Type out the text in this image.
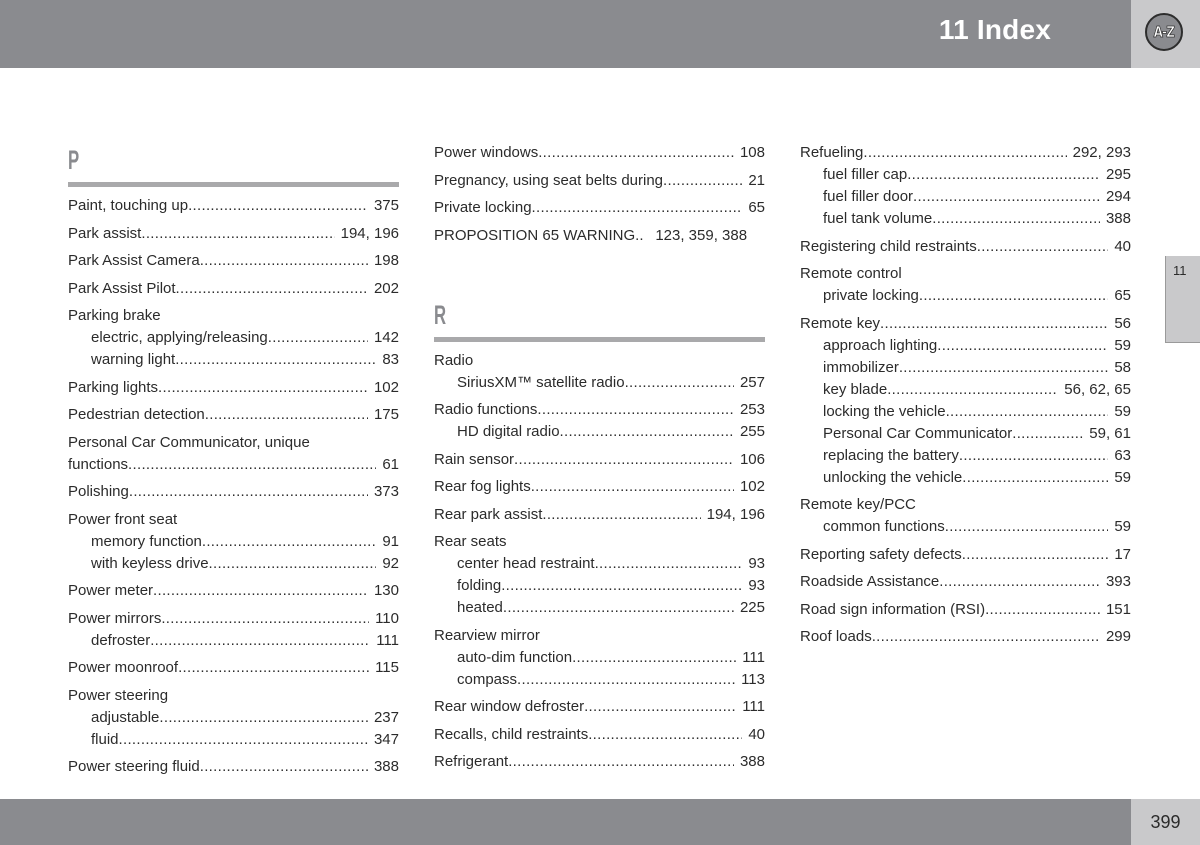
11 Index	A-Z
11
P
Paint, touching up .....	375
Park assist .....	194, 196
Park Assist Camera .....	198
Park Assist Pilot .....	202
Parking brake
electric, applying/releasing .....	142
warning light .....	83
Parking lights .....	102
Pedestrian detection .....	175
Personal Car Communicator, unique
functions .....	61
Polishing .....	373
Power front seat
memory function .....	91
with keyless drive .....	92
Power meter .....	130
Power mirrors .....	110
defroster .....	111
Power moonroof .....	115
Power steering
adjustable .....	237
fluid .....	347
Power steering fluid .....	388
Power windows .....	108
Pregnancy, using seat belts during .....	21
Private locking .....	65
PROPOSITION 65 WARNING. ..... 123, 359, 388
R
Radio
SiriusXM™ satellite radio .....	257
Radio functions .....	253
HD digital radio .....	255
Rain sensor .....	106
Rear fog lights .....	102
Rear park assist .....	194, 196
Rear seats
center head restraint .....	93
folding .....	93
heated .....	225
Rearview mirror
auto-dim function .....	111
compass .....	113
Rear window defroster .....	111
Recalls, child restraints .....	40
Refrigerant .....	388
Refueling .....	292, 293
fuel filler cap .....	295
fuel filler door .....	294
fuel tank volume .....	388
Registering child restraints .....	40
Remote control
private locking .....	65
Remote key .....	56
approach lighting .....	59
immobilizer .....	58
key blade .....	56, 62, 65
locking the vehicle .....	59
Personal Car Communicator .....	59, 61
replacing the battery .....	63
unlocking the vehicle .....	59
Remote key/PCC
common functions .....	59
Reporting safety defects .....	17
Roadside Assistance .....	393
Road sign information (RSI) .....	151
Roof loads .....	299
399
